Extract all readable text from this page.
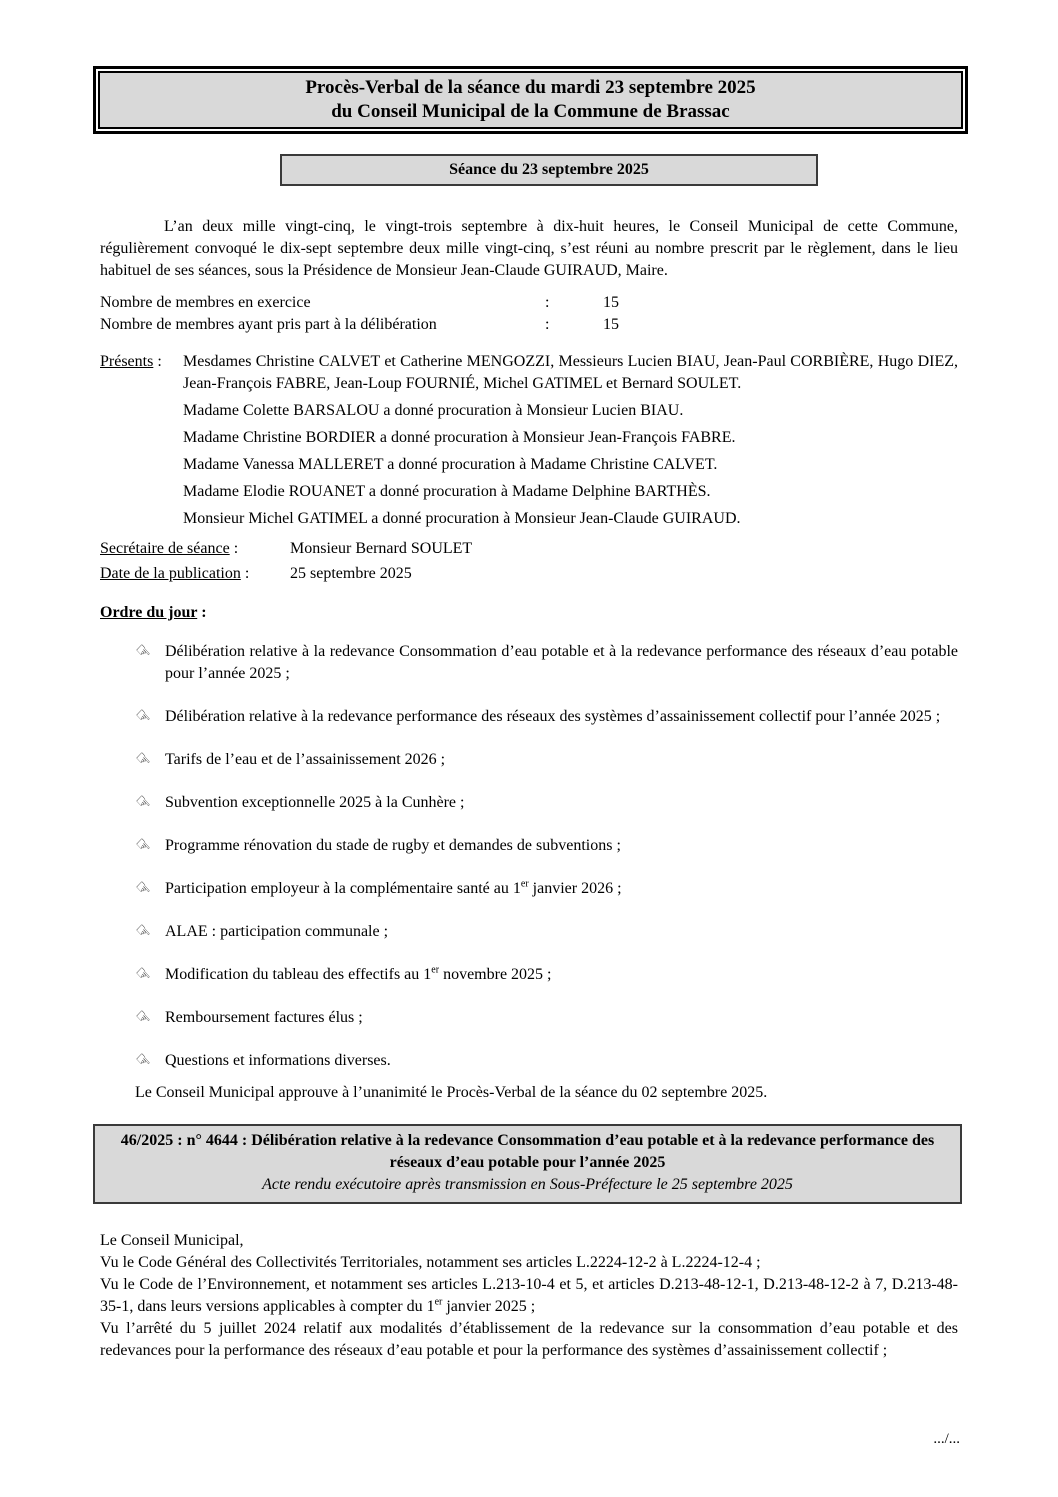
Procès-Verbal de la séance du mardi 23 septembre 2025
du Conseil Municipal de la Commune de Brassac
Séance du 23 septembre 2025

L’an deux mille vingt-cinq, le vingt-trois septembre à dix-huit heures, le Conseil Municipal de cette Commune, régulièrement convoqué le dix-sept septembre deux mille vingt-cinq, s’est réuni au nombre prescrit par le règlement, dans le lieu habituel de ses séances, sous la Présidence de Monsieur Jean-Claude GUIRAUD, Maire.

Nombre de membres en exercice	:	15
Nombre de membres ayant pris part à la délibération	:	15
Présents :	Mesdames Christine CALVET et Catherine MENGOZZI, Messieurs Lucien BIAU, Jean-Paul CORBIÈRE, Hugo DIEZ, Jean-François FABRE, Jean-Loup FOURNIÉ, Michel GATIMEL et Bernard SOULET.

Madame Colette BARSALOU a donné procuration à Monsieur Lucien BIAU.

Madame Christine BORDIER a donné procuration à Monsieur Jean-François FABRE.

Madame Vanessa MALLERET a donné procuration à Madame Christine CALVET.

Madame Elodie ROUANET a donné procuration à Madame Delphine BARTHÈS.

Monsieur Michel GATIMEL a donné procuration à Monsieur Jean-Claude GUIRAUD.

Secrétaire de séance :	Monsieur Bernard SOULET
Date de la publication :	25 septembre 2025
Ordre du jour :
☞
Délibération relative à la redevance Consommation d’eau potable et à la redevance performance des réseaux d’eau potable pour l’année 2025 ;
☞
Délibération relative à la redevance performance des réseaux des systèmes d’assainissement collectif pour l’année 2025 ;
☞
Tarifs de l’eau et de l’assainissement 2026 ;
☞
Subvention exceptionnelle 2025 à la Cunhère ;
☞
Programme rénovation du stade de rugby et demandes de subventions ;
☞
Participation employeur à la complémentaire santé au 1er janvier 2026 ;
☞
ALAE : participation communale ;
☞
Modification du tableau des effectifs au 1er novembre 2025 ;
☞
Remboursement factures élus ;
☞
Questions et informations diverses.

Le Conseil Municipal approuve à l’unanimité le Procès-Verbal de la séance du 02 septembre 2025.

46/2025 : n° 4644 : Délibération relative à la redevance Consommation d’eau potable et à la redevance performance des réseaux d’eau potable pour l’année 2025
Acte rendu exécutoire après transmission en Sous-Préfecture le 25 septembre 2025

Le Conseil Municipal,

Vu le Code Général des Collectivités Territoriales, notamment ses articles L.2224-12-2 à L.2224-12-4 ;

Vu le Code de l’Environnement, et notamment ses articles L.213-10-4 et 5, et articles D.213-48-12-1, D.213-48-12-2 à 7, D.213-48-35-1, dans leurs versions applicables à compter du 1er janvier 2025 ;

Vu l’arrêté du 5 juillet 2024 relatif aux modalités d’établissement de la redevance sur la consommation d’eau potable et des redevances pour la performance des réseaux d’eau potable et pour la performance des systèmes d’assainissement collectif ;

.../...
